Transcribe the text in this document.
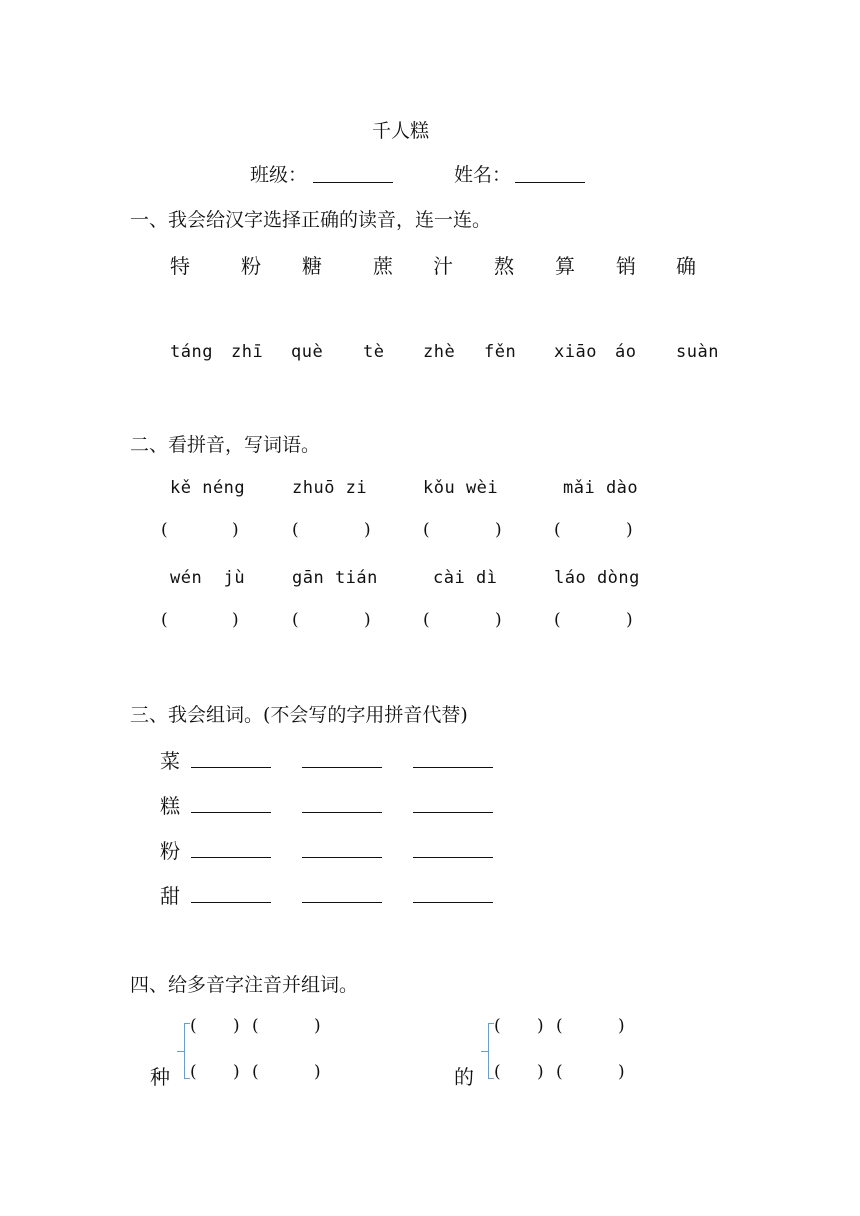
千人糕
班级：	姓名：
一、我会给汉字选择正确的读音，连一连。
特	粉 糖	蔗 汁 熬 算 销 确
táng zhī què tè zhè fěn xiāo áo suàn
二、看拼音，写词语。
kě néng	zhuō zi	kǒu wèi	mǎi dào
(	)	(	)	(	)	(	)
wén  jù	gān tián	cài dì	láo dòng
(	)	(	)	(	)	(	)
三、我会组词。(不会写的字用拼音代替)
菜
糕
粉
甜
四、给多音字注音并组词。
种
( ) (	)
( ) (	)	的
( ) (	)
( ) (	)
